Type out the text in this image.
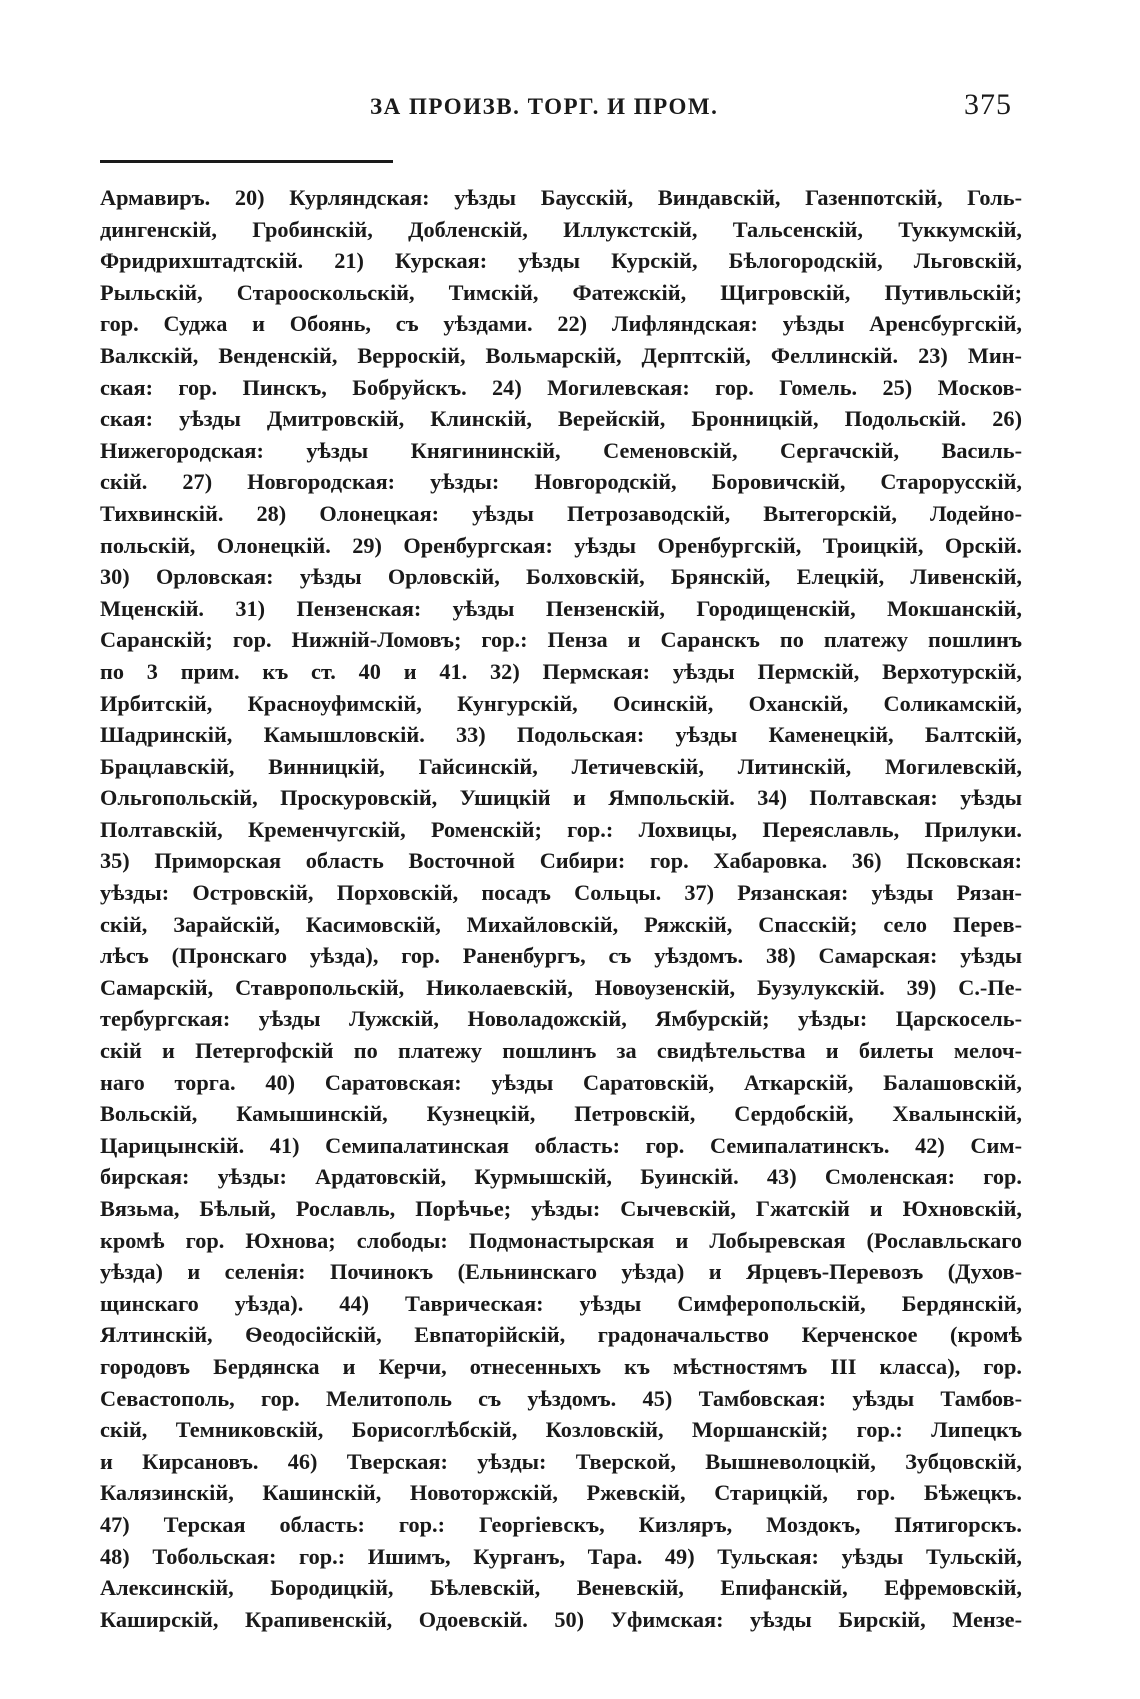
ЗА ПРОИЗВ. ТОРГ. И ПРОМ.	375
Армавиръ. 20) Курляндская: уѣзды Баусскій, Виндавскій, Газенпотскій, Голь-
дингенскій, Гробинскій, Добленскій, Иллукстскій, Тальсенскій, Туккумскій,
Фридрихштадтскій. 21) Курская: уѣзды Курскій, Бѣлогородскій, Льговскій,
Рыльскій, Старооскольскій, Тимскій, Фатежскій, Щигровскій, Путивльскій;
гор. Суджа и Обоянь, съ уѣздами. 22) Лифляндская: уѣзды Аренсбургскій,
Валкскій, Венденскій, Верроскій, Вольмарскій, Дерптскій, Феллинскій. 23) Мин-
ская: гор. Пинскъ, Бобруйскъ. 24) Могилевская: гор. Гомель. 25) Москов-
ская: уѣзды Дмитровскій, Клинскій, Верейскій, Бронницкій, Подольскій. 26)
Нижегородская: уѣзды Княгининскій, Семеновскій, Сергачскій, Василь-
скій. 27) Новгородская: уѣзды: Новгородскій, Боровичскій, Старорусскій,
Тихвинскій. 28) Олонецкая: уѣзды Петрозаводскій, Вытегорскій, Лодейно-
польскій, Олонецкій. 29) Оренбургская: уѣзды Оренбургскій, Троицкій, Орскій.
30) Орловская: уѣзды Орловскій, Болховскій, Брянскій, Елецкій, Ливенскій,
Мценскій. 31) Пензенская: уѣзды Пензенскій, Городищенскій, Мокшанскій,
Саранскій; гор. Нижній-Ломовъ; гор.: Пенза и Саранскъ по платежу пошлинъ
по 3 прим. къ ст. 40 и 41. 32) Пермская: уѣзды Пермскій, Верхотурскій,
Ирбитскій, Красноуфимскій, Кунгурскій, Осинскій, Оханскій, Соликамскій,
Шадринскій, Камышловскій. 33) Подольская: уѣзды Каменецкій, Балтскій,
Брацлавскій, Винницкій, Гайсинскій, Летичевскій, Литинскій, Могилевскій,
Ольгопольскій, Проскуровскій, Ушицкій и Ямпольскій. 34) Полтавская: уѣзды
Полтавскій, Кременчугскій, Роменскій; гор.: Лохвицы, Переяславль, Прилуки.
35) Приморская область Восточной Сибири: гор. Хабаровка. 36) Псковская:
уѣзды: Островскій, Порховскій, посадъ Сольцы. 37) Рязанская: уѣзды Рязан-
скій, Зарайскій, Касимовскій, Михайловскій, Ряжскій, Спасскій; село Перев-
лѣсъ (Пронскаго уѣзда), гор. Раненбургъ, съ уѣздомъ. 38) Самарская: уѣзды
Самарскій, Ставропольскій, Николаевскій, Новоузенскій, Бузулукскій. 39) С.-Пе-
тербургская: уѣзды Лужскій, Новоладожскій, Ямбурскій; уѣзды: Царскосель-
скій и Петергофскій по платежу пошлинъ за свидѣтельства и билеты мелоч-
наго торга. 40) Саратовская: уѣзды Саратовскій, Аткарскій, Балашовскій,
Вольскій, Камышинскій, Кузнецкій, Петровскій, Сердобскій, Хвалынскій,
Царицынскій. 41) Семипалатинская область: гор. Семипалатинскъ. 42) Сим-
бирская: уѣзды: Ардатовскій, Курмышскій, Буинскій. 43) Смоленская: гор.
Вязьма, Бѣлый, Рославль, Порѣчье; уѣзды: Сычевскій, Гжатскій и Юхновскій,
кромѣ гор. Юхнова; слободы: Подмонастырская и Лобыревская (Рославльскаго
уѣзда) и селенія: Починокъ (Ельнинскаго уѣзда) и Ярцевъ-Перевозъ (Духов-
щинскаго уѣзда). 44) Таврическая: уѣзды Симферопольскій, Бердянскій,
Ялтинскій, Ѳеодосійскій, Евпаторійскій, градоначальство Керченское (кромѣ
городовъ Бердянска и Керчи, отнесенныхъ къ мѣстностямъ III класса), гор.
Севастополь, гор. Мелитополь съ уѣздомъ. 45) Тамбовская: уѣзды Тамбов-
скій, Темниковскій, Борисоглѣбскій, Козловскій, Моршанскій; гор.: Липецкъ
и Кирсановъ. 46) Тверская: уѣзды: Тверской, Вышневолоцкій, Зубцовскій,
Калязинскій, Кашинскій, Новоторжскій, Ржевскій, Старицкій, гор. Бѣжецкъ.
47) Терская область: гор.: Георгіевскъ, Кизляръ, Моздокъ, Пятигорскъ.
48) Тобольская: гор.: Ишимъ, Курганъ, Тара. 49) Тульская: уѣзды Тульскій,
Алексинскій, Бородицкій, Бѣлевскій, Веневскій, Епифанскій, Ефремовскій,
Каширскій, Крапивенскій, Одоевскій. 50) Уфимская: уѣзды Бирскій, Мензе-
